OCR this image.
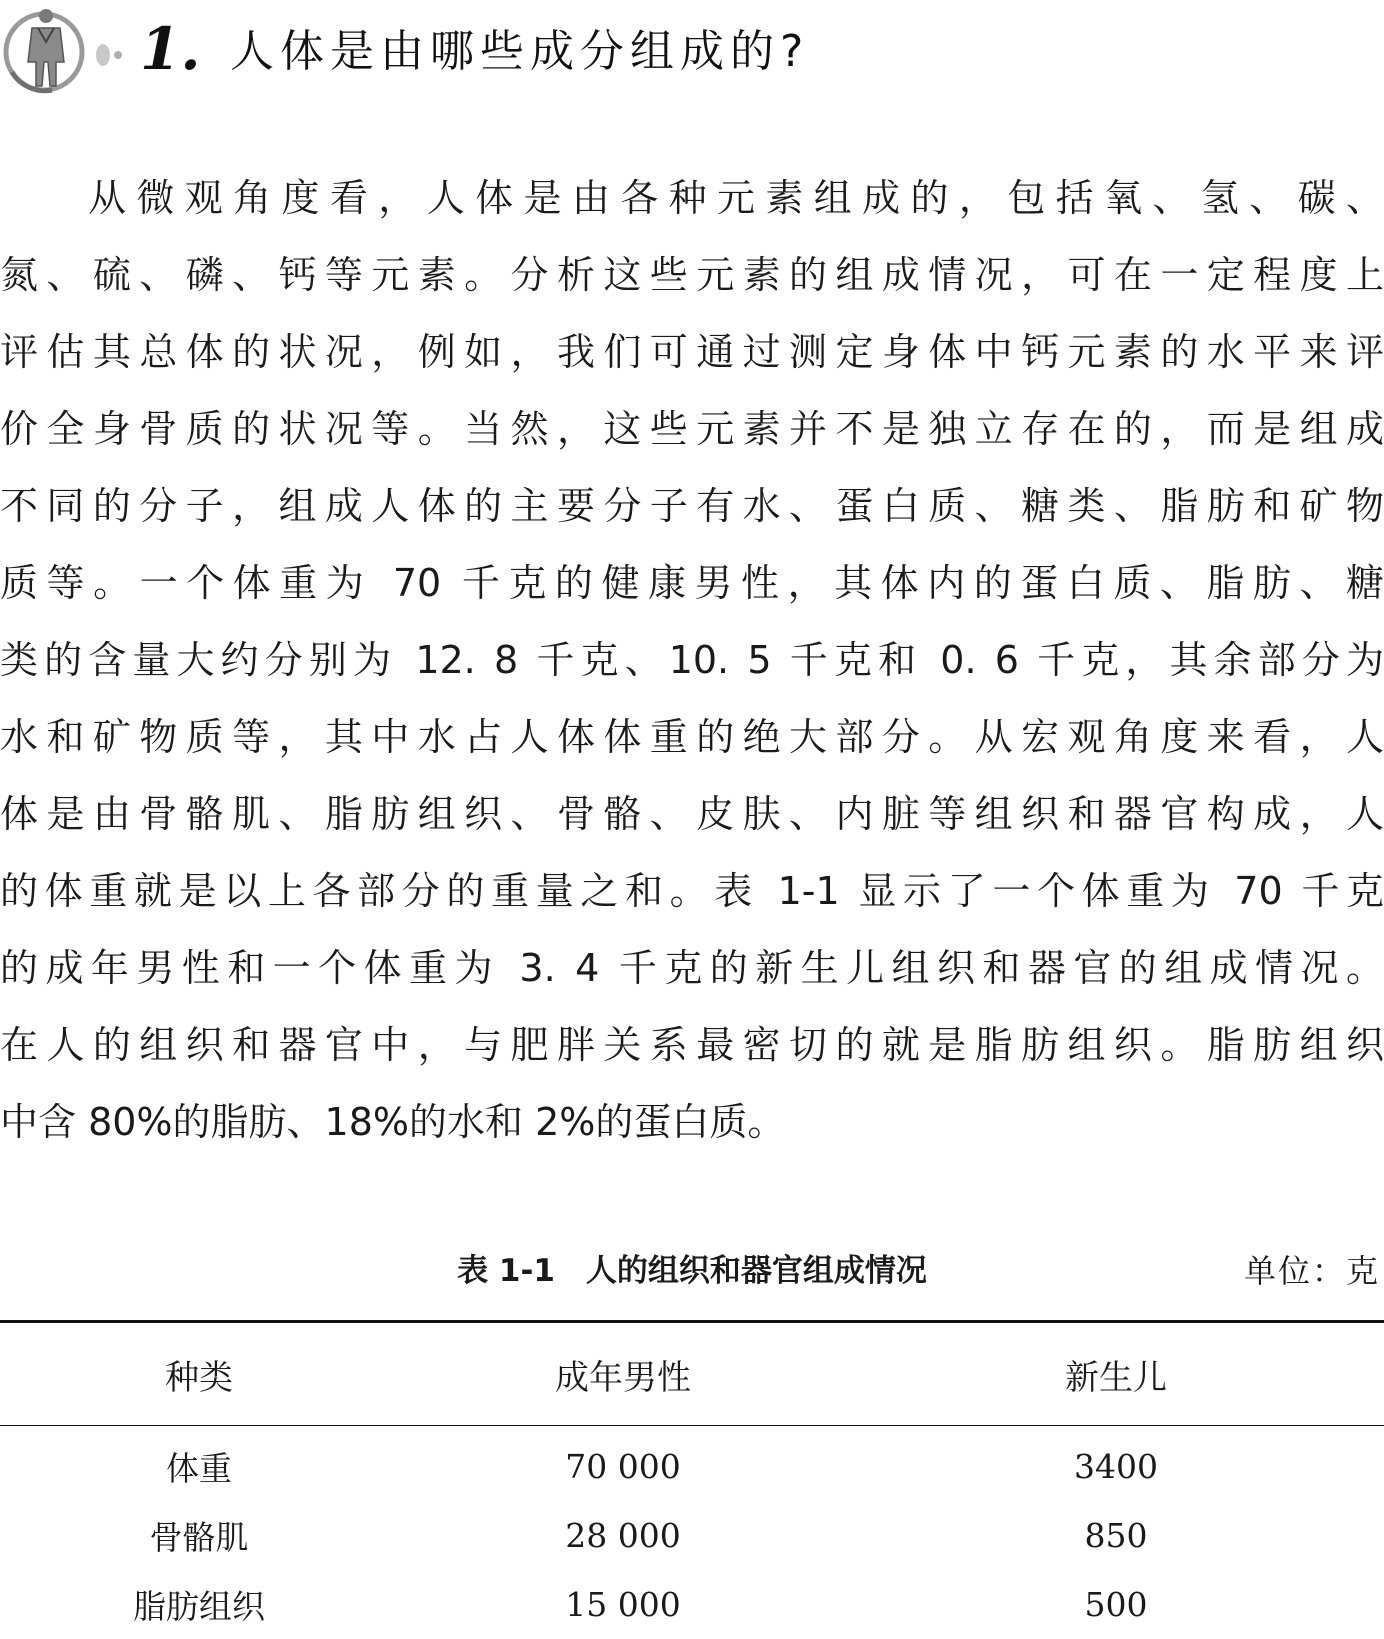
1. 人体是由哪些成分组成的?
从微观角度看，人体是由各种元素组成的，包括氧、氢、碳、
氮、硫、磷、钙等元素。分析这些元素的组成情况，可在一定程度上
评估其总体的状况，例如，我们可通过测定身体中钙元素的水平来评
价全身骨质的状况等。当然，这些元素并不是独立存在的，而是组成
不同的分子，组成人体的主要分子有水、蛋白质、糖类、脂肪和矿物
质等。一个体重为 70 千克的健康男性，其体内的蛋白质、脂肪、糖
类的含量大约分别为 12. 8 千克、10. 5 千克和 0. 6 千克，其余部分为
水和矿物质等，其中水占人体体重的绝大部分。从宏观角度来看，人
体是由骨骼肌、脂肪组织、骨骼、皮肤、内脏等组织和器官构成，人
的体重就是以上各部分的重量之和。表 1-1 显示了一个体重为 70 千克
的成年男性和一个体重为 3. 4 千克的新生儿组织和器官的组成情况。
在人的组织和器官中，与肥胖关系最密切的就是脂肪组织。脂肪组织
中含 80%的脂肪、18%的水和 2%的蛋白质。
表 1-1　人的组织和器官组成情况	单位：克
种类	成年男性	新生儿
体重	70 000	3400
骨骼肌	28 000	850
脂肪组织	15 000	500
